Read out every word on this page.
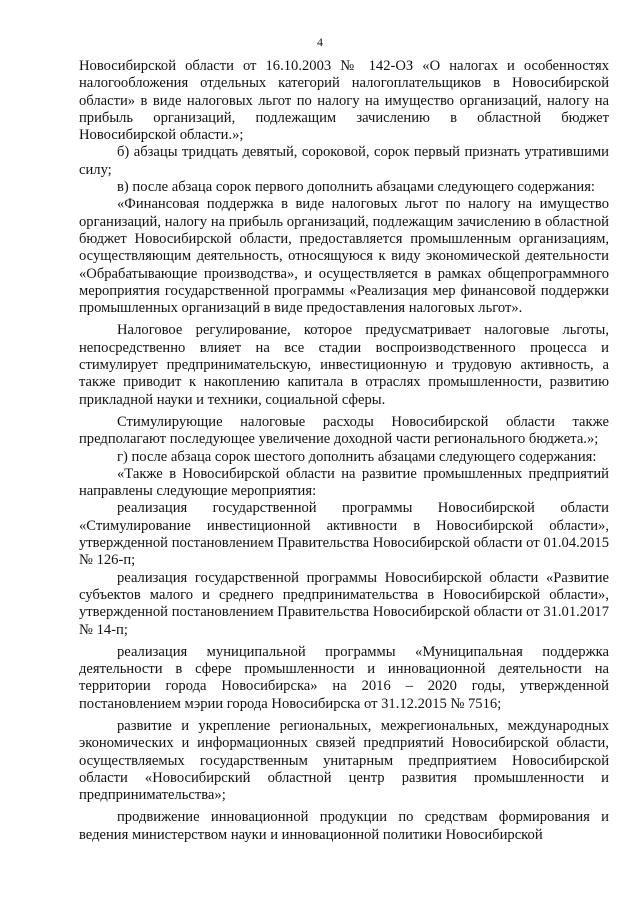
4

Новосибирской области от 16.10.2003 № 142-ОЗ «О налогах и особенностях налогообложения отдельных категорий налогоплательщиков в Новосибирской области» в виде налоговых льгот по налогу на имущество организаций, налогу на прибыль организаций, подлежащим зачислению в областной бюджет Новосибирской области.»;

б) абзацы тридцать девятый, сороковой, сорок первый признать утратившими силу;

в) после абзаца сорок первого дополнить абзацами следующего содержания:

«Финансовая поддержка в виде налоговых льгот по налогу на имущество организаций, налогу на прибыль организаций, подлежащим зачислению в областной бюджет Новосибирской области, предоставляется промышленным организациям, осуществляющим деятельность, относящуюся к виду экономической деятельности «Обрабатывающие производства», и осуществляется в рамках общепрограммного мероприятия государственной программы «Реализация мер финансовой поддержки промышленных организаций в виде предоставления налоговых льгот».

Налоговое регулирование, которое предусматривает налоговые льготы, непосредственно влияет на все стадии воспроизводственного процесса и стимулирует предпринимательскую, инвестиционную и трудовую активность, а также приводит к накоплению капитала в отраслях промышленности, развитию прикладной науки и техники, социальной сферы.

Стимулирующие налоговые расходы Новосибирской области также предполагают последующее увеличение доходной части регионального бюджета.»;

г) после абзаца сорок шестого дополнить абзацами следующего содержания:

«Также в Новосибирской области на развитие промышленных предприятий направлены следующие мероприятия:

реализация государственной программы Новосибирской области «Стимулирование инвестиционной активности в Новосибирской области», утвержденной постановлением Правительства Новосибирской области от 01.04.2015 № 126-п;

реализация государственной программы Новосибирской области «Развитие субъектов малого и среднего предпринимательства в Новосибирской области», утвержденной постановлением Правительства Новосибирской области от 31.01.2017 № 14-п;

реализация муниципальной программы «Муниципальная поддержка деятельности в сфере промышленности и инновационной деятельности на территории города Новосибирска» на 2016 – 2020 годы, утвержденной постановлением мэрии города Новосибирска от 31.12.2015 № 7516;

развитие и укрепление региональных, межрегиональных, международных экономических и информационных связей предприятий Новосибирской области, осуществляемых государственным унитарным предприятием Новосибирской области «Новосибирский областной центр развития промышленности и предпринимательства»;

продвижение инновационной продукции по средствам формирования и ведения министерством науки и инновационной политики Новосибирской
